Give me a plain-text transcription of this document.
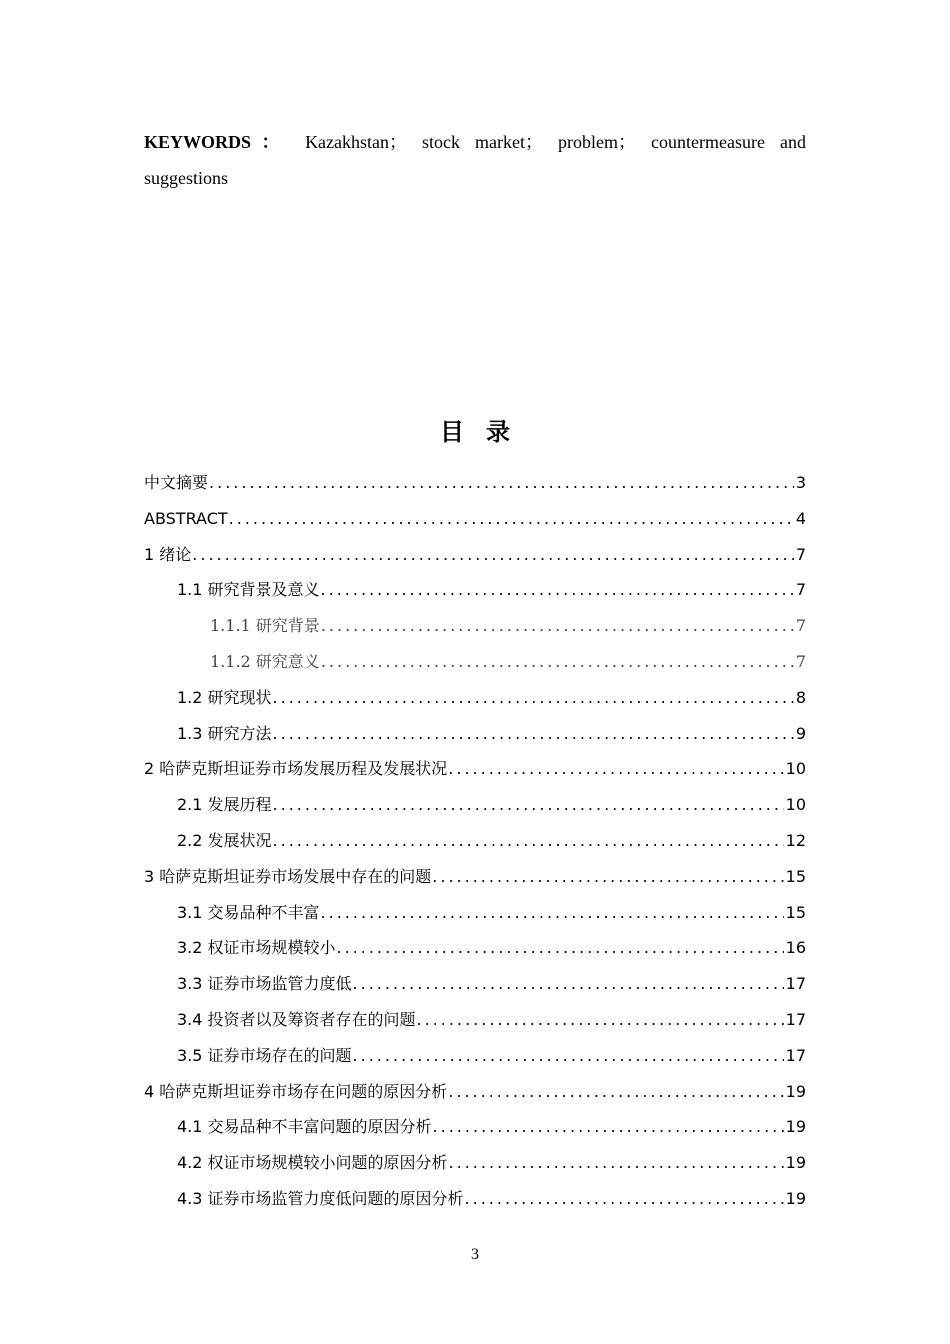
KEYWORDS： Kazakhstan； stock market； problem； countermeasure and suggestions
目录
中文摘要 .....	3
ABSTRACT .....	4
1 绪论 .....	7
1.1 研究背景及意义 .....	7
1.1.1 研究背景 .....	7
1.1.2 研究意义 .....	7
1.2 研究现状 .....	8
1.3 研究方法 .....	9
2 哈萨克斯坦证券市场发展历程及发展状况 .....	10
2.1 发展历程 .....	10
2.2 发展状况 .....	12
3 哈萨克斯坦证券市场发展中存在的问题 .....	15
3.1 交易品种不丰富 .....	15
3.2 权证市场规模较小 .....	16
3.3 证券市场监管力度低 .....	17
3.4 投资者以及筹资者存在的问题 .....	17
3.5 证券市场存在的问题 .....	17
4 哈萨克斯坦证券市场存在问题的原因分析 .....	19
4.1 交易品种不丰富问题的原因分析 .....	19
4.2 权证市场规模较小问题的原因分析 .....	19
4.3 证券市场监管力度低问题的原因分析 .....	19
3
